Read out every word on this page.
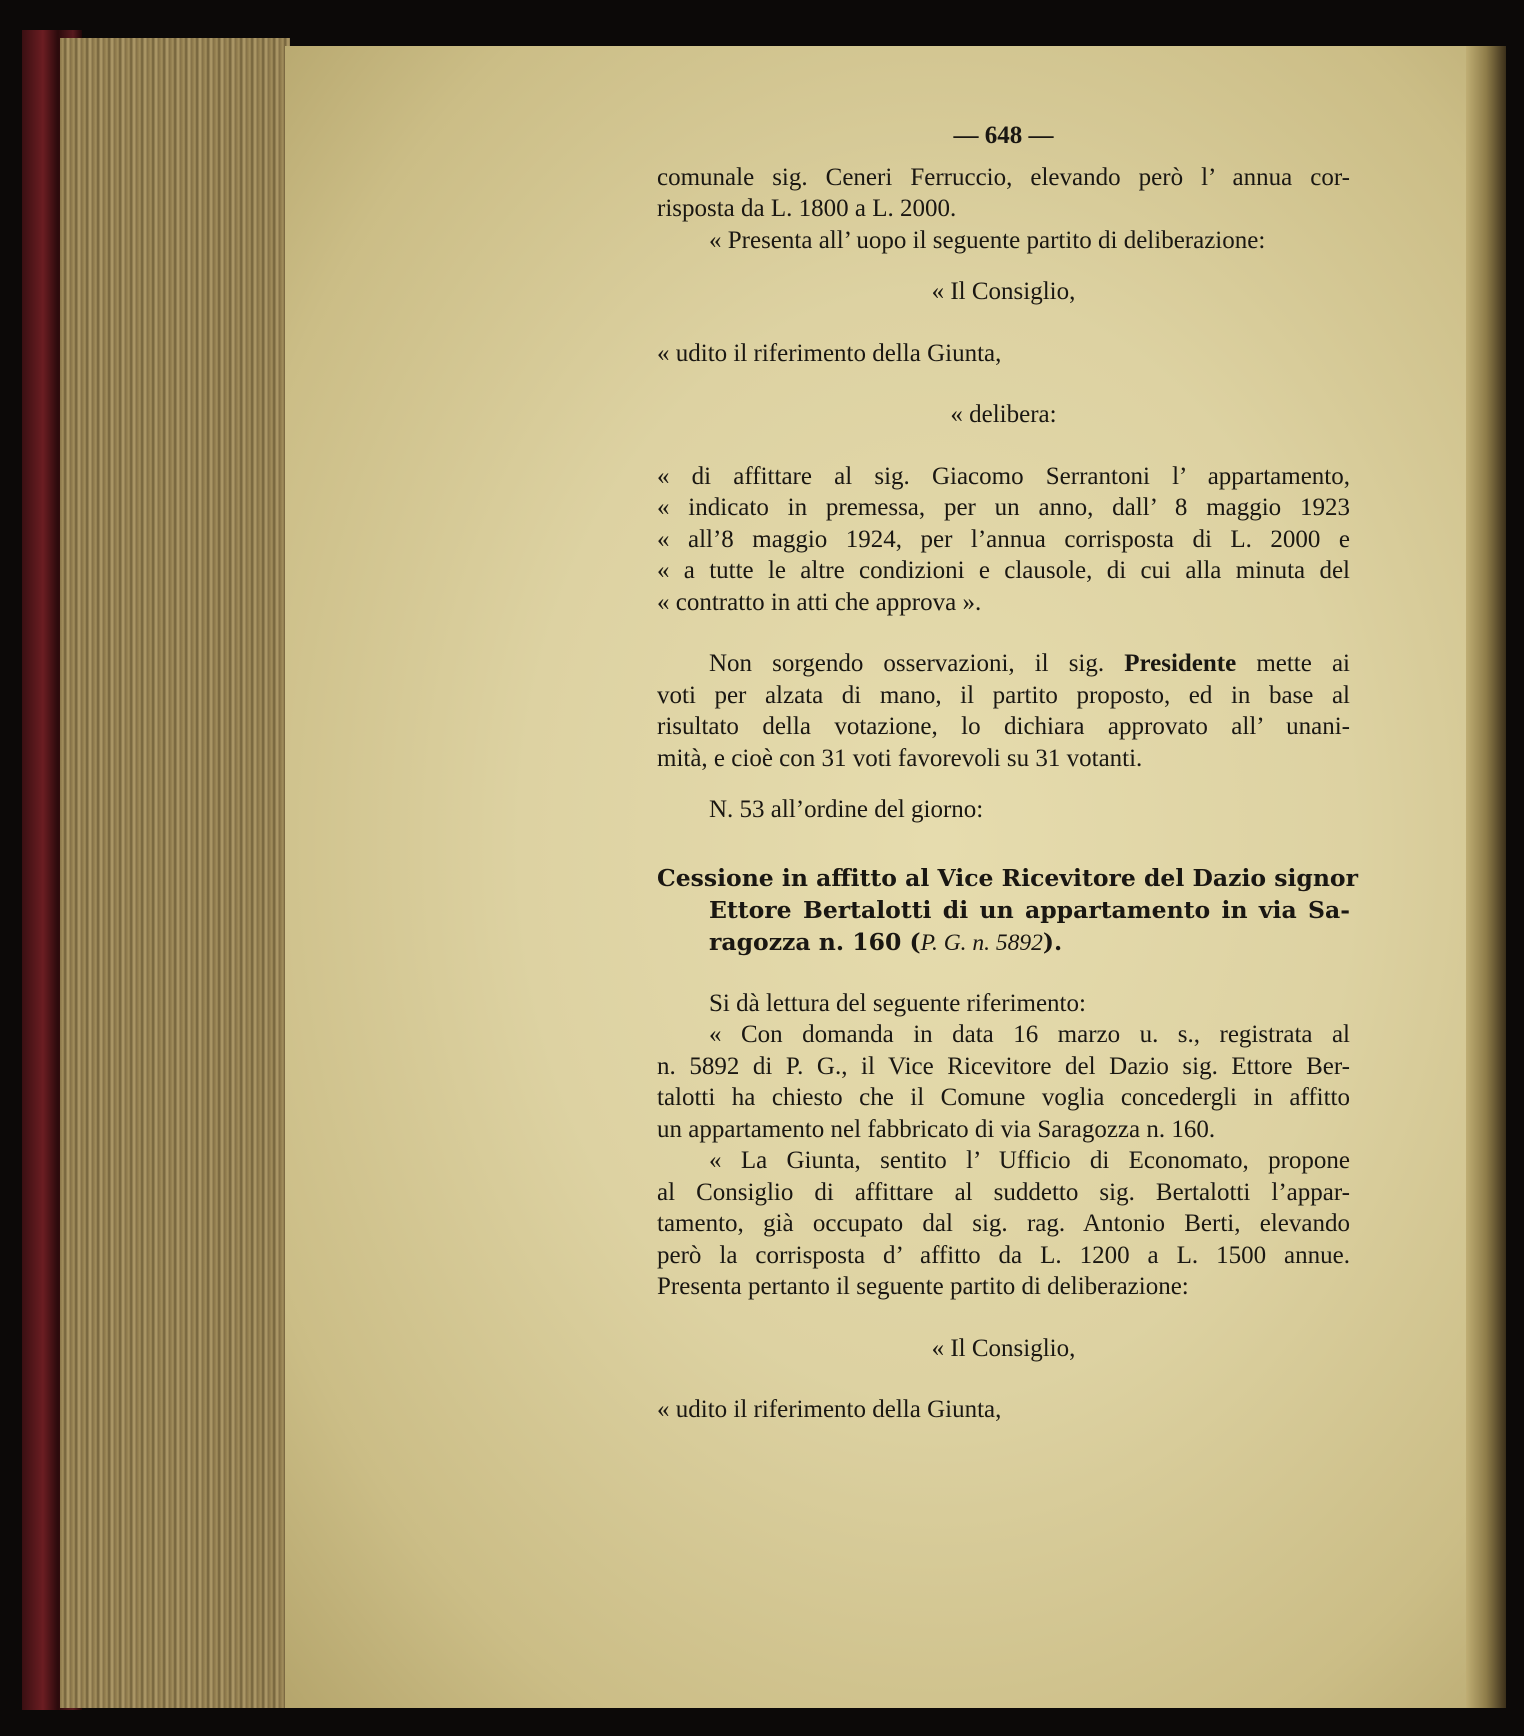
— 648 —
comunale sig. Ceneri Ferruccio, elevando però l’ annua cor-
risposta da L. 1800 a L. 2000.
« Presenta all’ uopo il seguente partito di deliberazione:
« Il Consiglio,
« udito il riferimento della Giunta,
« delibera:
« di affittare al sig. Giacomo Serrantoni l’ appartamento,
« indicato in premessa, per un anno, dall’ 8 maggio 1923
« all’8 maggio 1924, per l’annua corrisposta di L. 2000 e
« a tutte le altre condizioni e clausole, di cui alla minuta del
« contratto in atti che approva ».
Non sorgendo osservazioni, il sig. Presidente mette ai
voti per alzata di mano, il partito proposto, ed in base al
risultato della votazione, lo dichiara approvato all’ unani-
mità, e cioè con 31 voti favorevoli su 31 votanti.
N. 53 all’ordine del giorno:
Cessione in affitto al Vice Ricevitore del Dazio signor
Ettore Bertalotti di un appartamento in via Sa-
ragozza n. 160 (P. G. n. 5892).
Si dà lettura del seguente riferimento:
« Con domanda in data 16 marzo u. s., registrata al
n. 5892 di P. G., il Vice Ricevitore del Dazio sig. Ettore Ber-
talotti ha chiesto che il Comune voglia concedergli in affitto
un appartamento nel fabbricato di via Saragozza n. 160.
« La Giunta, sentito l’ Ufficio di Economato, propone
al Consiglio di affittare al suddetto sig. Bertalotti l’appar-
tamento, già occupato dal sig. rag. Antonio Berti, elevando
però la corrisposta d’ affitto da L. 1200 a L. 1500 annue.
Presenta pertanto il seguente partito di deliberazione:
« Il Consiglio,
« udito il riferimento della Giunta,
